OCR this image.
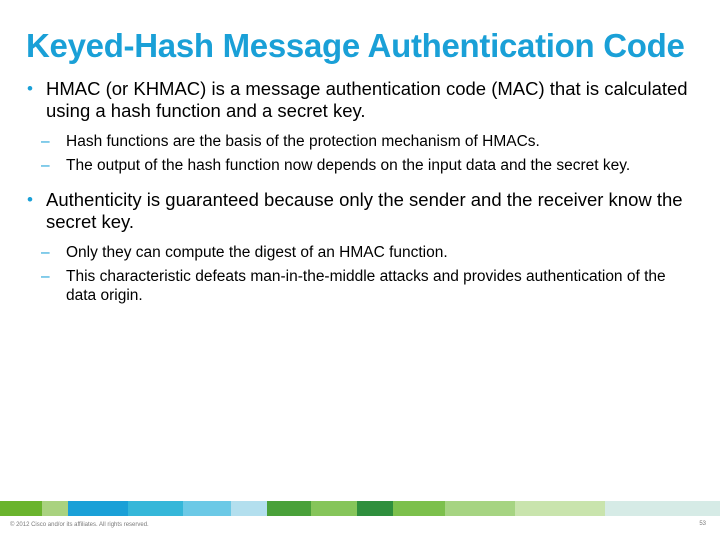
Keyed-Hash Message Authentication Code
• HMAC (or KHMAC) is a message authentication code (MAC) that is calculated using a hash function and a secret key.
– Hash functions are the basis of the protection mechanism of HMACs.
– The output of the hash function now depends on the input data and the secret key.
• Authenticity is guaranteed because only the sender and the receiver know the secret key.
– Only they can compute the digest of an HMAC function.
– This characteristic defeats man-in-the-middle attacks and provides authentication of the data origin.
© 2012 Cisco and/or its affiliates. All rights reserved.	53
